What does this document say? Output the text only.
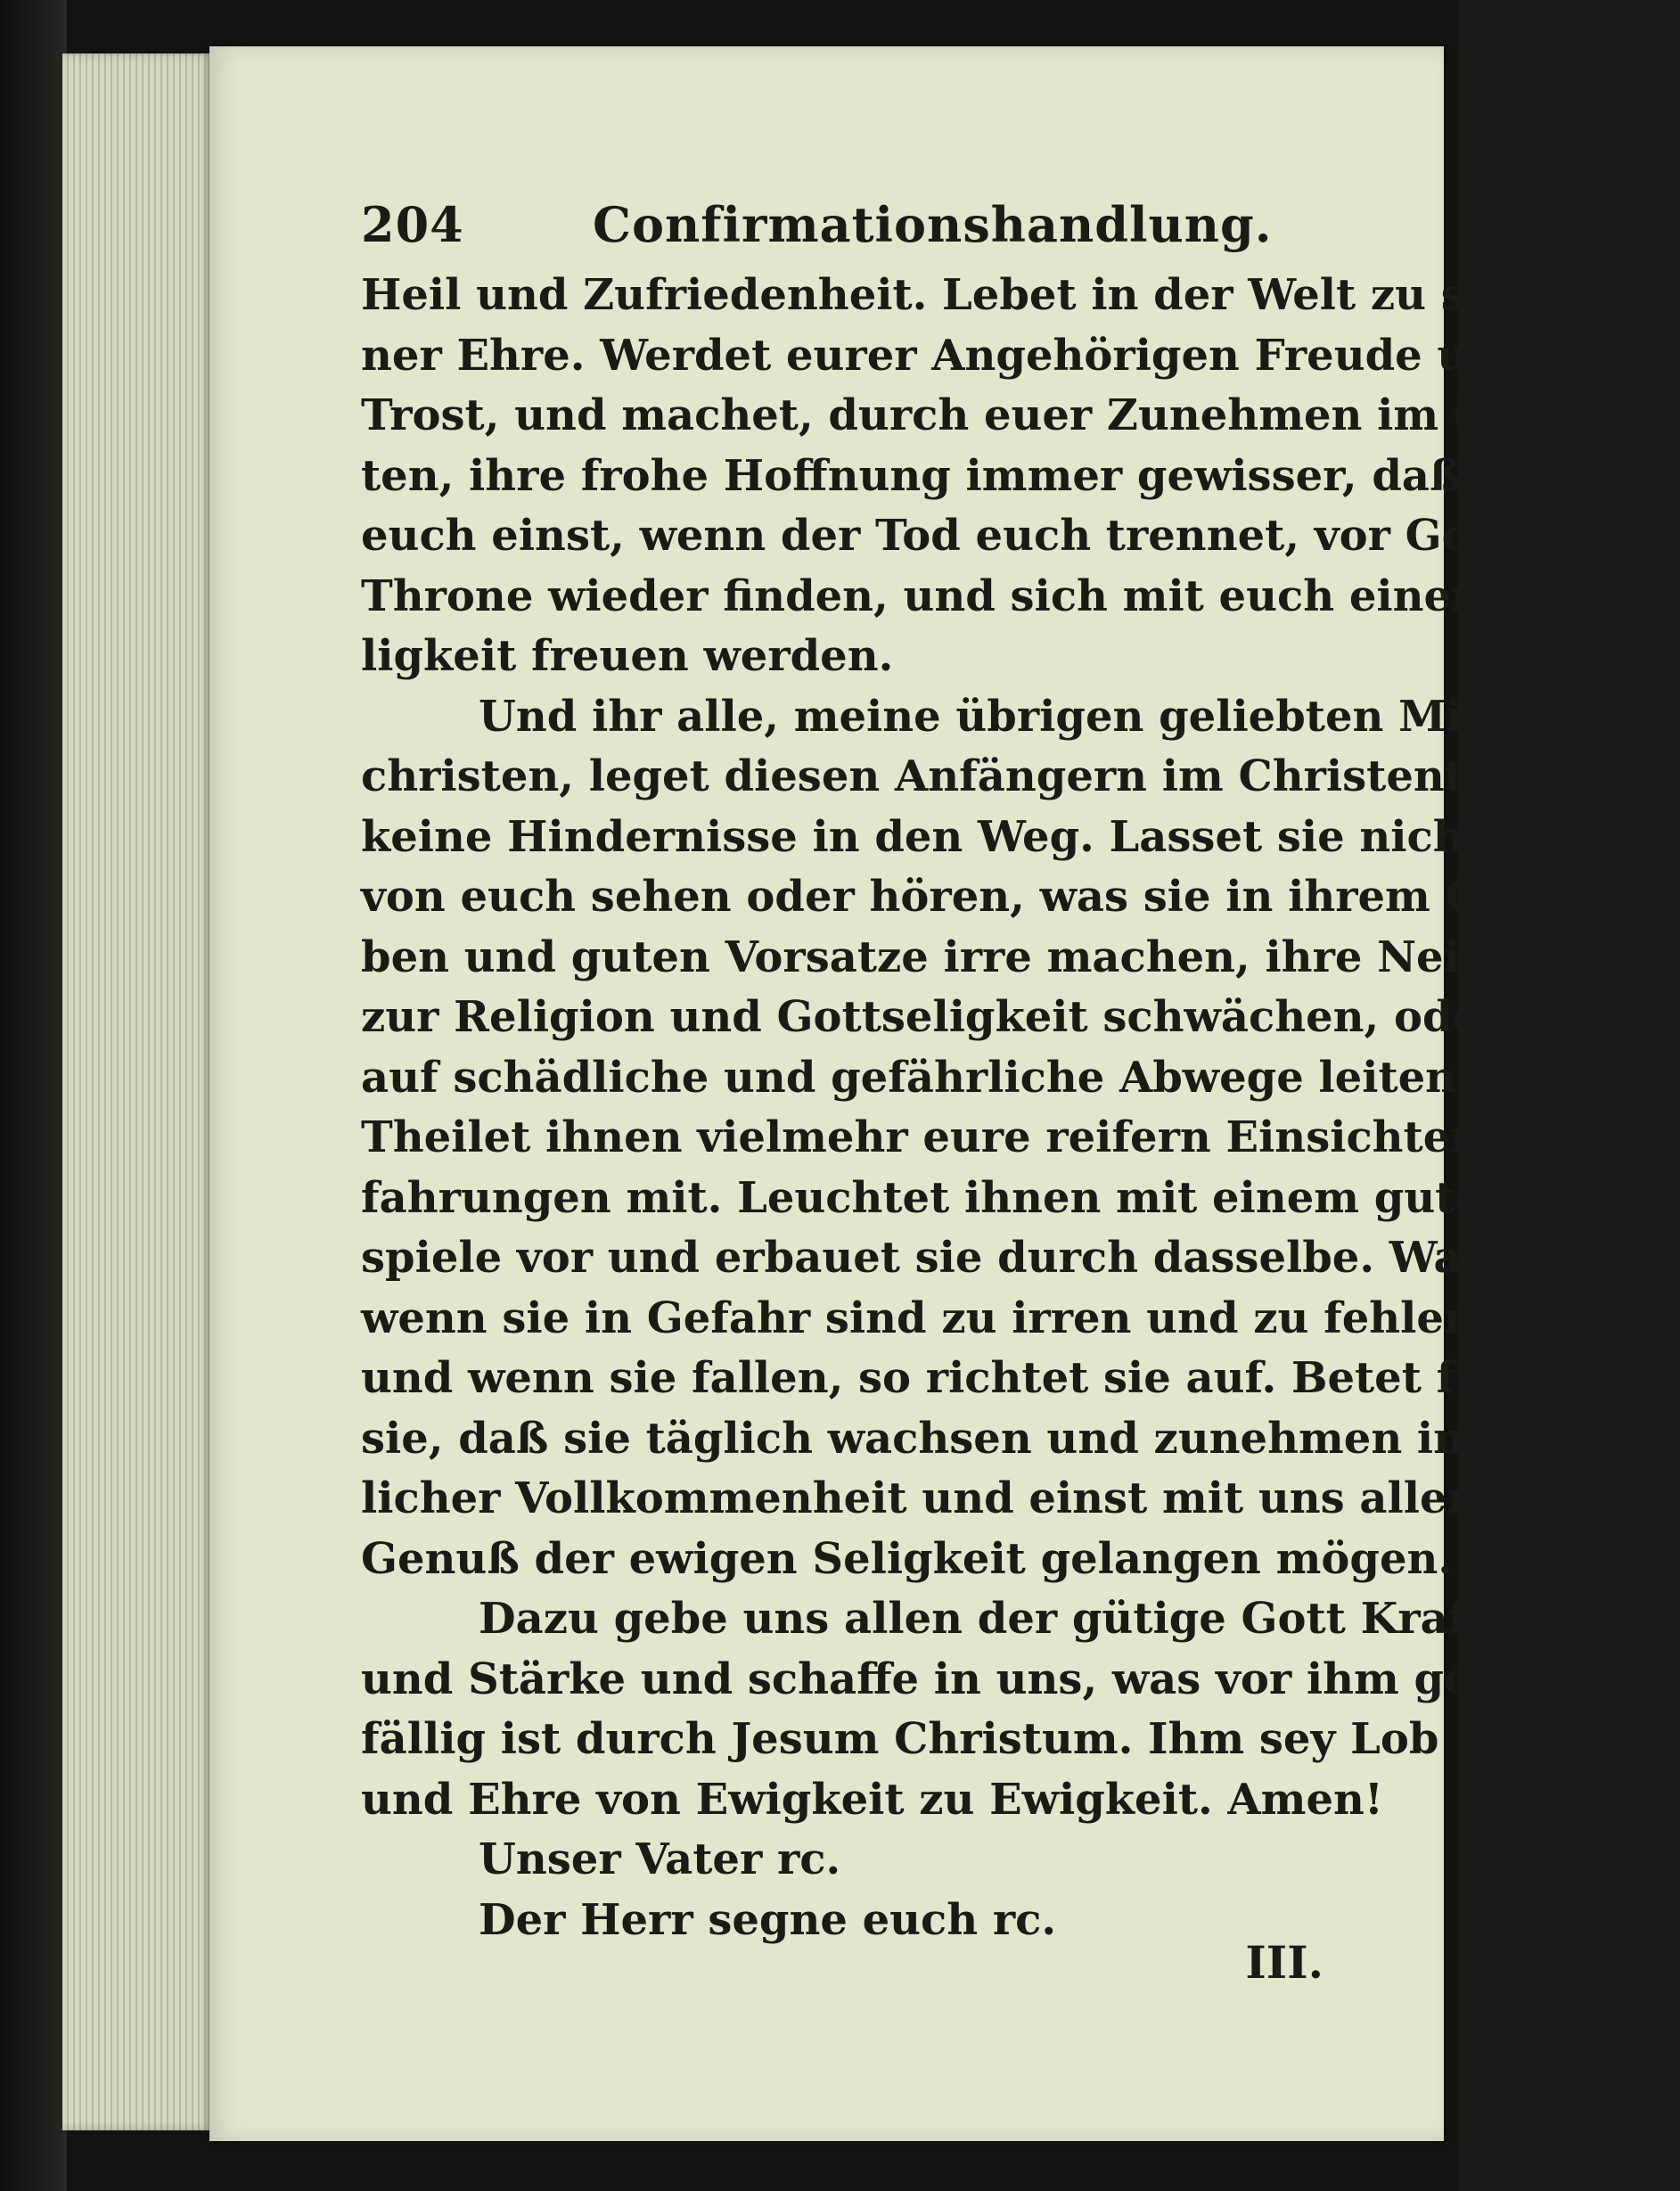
204	Confirmationshandlung.
Heil und Zufriedenheit. Lebet in der Welt zu sei-
ner Ehre. Werdet eurer Angehörigen Freude und
Trost, und machet, durch euer Zunehmen im Gu-
ten, ihre frohe Hoffnung immer gewisser, daß sie
euch einst, wenn der Tod euch trennet, vor Gottes
Throne wieder finden, und sich mit euch einer Se-
ligkeit freuen werden.
Und ihr alle, meine übrigen geliebten Mit-
christen, leget diesen Anfängern im Christenthume
keine Hindernisse in den Weg. Lasset sie nichts
von euch sehen oder hören, was sie in ihrem Glau-
ben und guten Vorsatze irre machen, ihre Neigung
zur Religion und Gottseligkeit schwächen, oder sie gar
auf schädliche und gefährliche Abwege leiten könnte.
Theilet ihnen vielmehr eure reifern Einsichten und Er-
fahrungen mit. Leuchtet ihnen mit einem guten Bey-
spiele vor und erbauet sie durch dasselbe. Warnet sie,
wenn sie in Gefahr sind zu irren und zu fehlen,
und wenn sie fallen, so richtet sie auf. Betet für
sie, daß sie täglich wachsen und zunehmen in christ-
licher Vollkommenheit und einst mit uns allen zum
Genuß der ewigen Seligkeit gelangen mögen.
Dazu gebe uns allen der gütige Gott Kraft
und Stärke und schaffe in uns, was vor ihm ge-
fällig ist durch Jesum Christum. Ihm sey Lob
und Ehre von Ewigkeit zu Ewigkeit. Amen!
Unser Vater rc.
Der Herr segne euch rc.
III.
